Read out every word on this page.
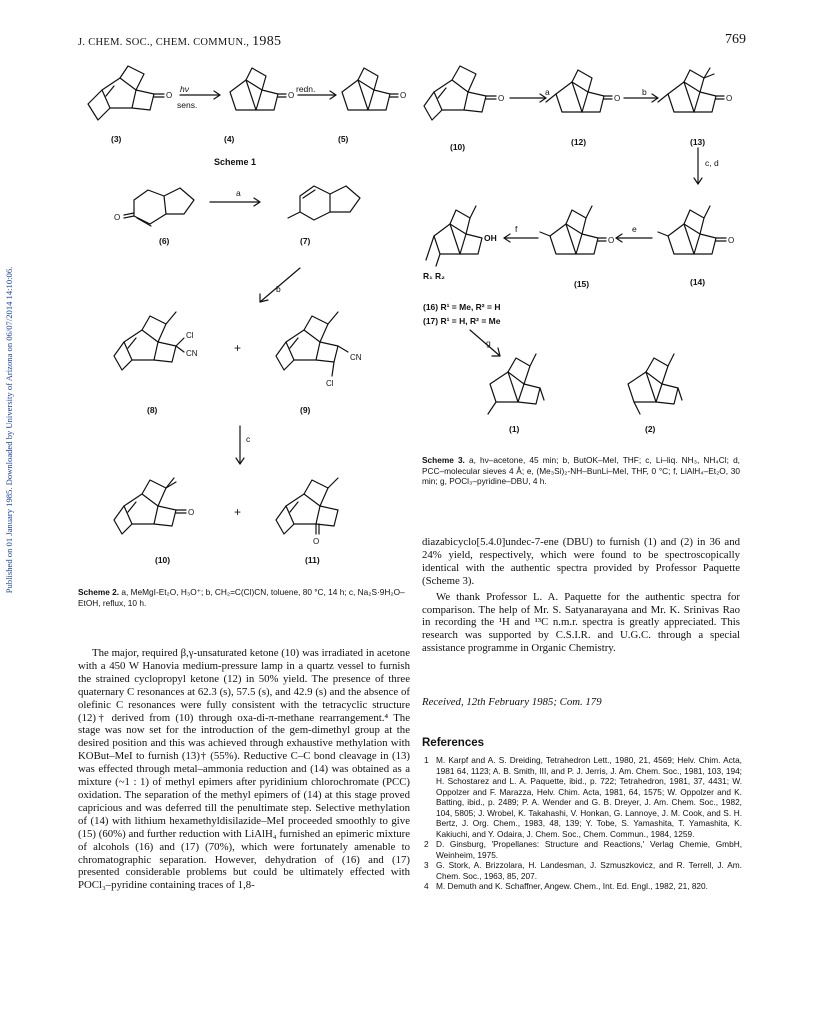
J. CHEM. SOC., CHEM. COMMUN., 1985	769
Published on 01 January 1985. Downloaded by University of Arizona on 06/07/2014 14:10:06.
O	O	O
hν
sens.
redn.
(3)	(4)	(5)
Scheme 1
O
Cl
CN	+
CN
Cl
O	+
O
a
b
c
(6)	(7)
(8)	(9)
(10)	(11)
Scheme 2. a, MeMgI-Et₂O, H₃O⁺; b, CH₂=C(Cl)CN, toluene, 80 °C, 14 h; c, Na₂S·9H₂O–EtOH, reflux, 10 h.

The major, required β,γ-unsaturated ketone (10) was irradiated in acetone with a 450 W Hanovia medium-pressure lamp in a quartz vessel to furnish the strained cyclopropyl ketone (12) in 50% yield. The presence of three quaternary C resonances at 62.3 (s), 57.5 (s), and 42.9 (s) and the absence of olefinic C resonances were fully consistent with the tetracyclic structure (12)† derived from (10) through oxa-di-π-methane rearrangement.⁴ The stage was now set for the introduction of the gem-dimethyl group at the desired position and this was achieved through exhaustive methylation with KOBut–MeI to furnish (13)† (55%). Reductive C–C bond cleavage in (13) was effected through metal–ammonia reduction and (14) was obtained as a mixture (~1 : 1) of methyl epimers after pyridinium chlorochromate (PCC) oxidation. The separation of the methyl epimers of (14) at this stage proved capricious and was deferred till the penultimate step. Selective methylation of (14) with lithium hexamethyldisilazide–MeI proceeded smoothly to give (15) (60%) and further reduction with LiAlH₄ furnished an epimeric mixture of alcohols (16) and (17) (70%), which were fortunately amenable to chromatographic separation. However, dehydration of (16) and (17) presented considerable problems but could be ultimately effected with POCl₃–pyridine containing traces of 1,8-

O	O	O
O
O
a	b
c, d
e
f
g
(10)	(12)	(13)
(14)
(15)
(1)	(2)
OH
R₁ R₂
(16) R¹ = Me, R² = H
(17) R¹ = H, R² = Me
Scheme 3. a, hν–acetone, 45 min; b, ButOK–MeI, THF; c, Li–liq. NH₃, NH₄Cl; d, PCC–molecular sieves 4 Å; e, (Me₃Si)₂-NH–BunLi–MeI, THF, 0 °C; f, LiAlH₄–Et₂O, 30 min; g, POCl₃–pyridine–DBU, 4 h.

diazabicyclo[5.4.0]undec-7-ene (DBU) to furnish (1) and (2) in 36 and 24% yield, respectively, which were found to be spectroscopically identical with the authentic spectra provided by Professor Paquette (Scheme 3).

We thank Professor L. A. Paquette for the authentic spectra for comparison. The help of Mr. S. Satyanarayana and Mr. K. Srinivas Rao in recording the ¹H and ¹³C n.m.r. spectra is greatly appreciated. This research was supported by C.S.I.R. and U.G.C. through a special assistance programme in Organic Chemistry.

Received, 12th February 1985; Com. 179
References
1 M. Karpf and A. S. Dreiding, Tetrahedron Lett., 1980, 21, 4569; Helv. Chim. Acta, 1981 64, 1123; A. B. Smith, III, and P. J. Jerris, J. Am. Chem. Soc., 1981, 103, 194; H. Schostarez and L. A. Paquette, ibid., p. 722; Tetrahedron, 1981, 37, 4431; W. Oppolzer and F. Marazza, Helv. Chim. Acta, 1981, 64, 1575; W. Oppolzer and K. Batting, ibid., p. 2489; P. A. Wender and G. B. Dreyer, J. Am. Chem. Soc., 1982, 104, 5805; J. Wrobel, K. Takahashi, V. Honkan, G. Lannoye, J. M. Cook, and S. H. Bertz, J. Org. Chem., 1983, 48, 139; Y. Tobe, S. Yamashita, T. Yamashita, K. Kakiuchi, and Y. Odaira, J. Chem. Soc., Chem. Commun., 1984, 1259.
2 D. Ginsburg, 'Propellanes: Structure and Reactions,' Verlag Chemie, GmbH, Weinheim, 1975.
3 G. Stork, A. Brizzolara, H. Landesman, J. Szmuszkovicz, and R. Terrell, J. Am. Chem. Soc., 1963, 85, 207.
4 M. Demuth and K. Schaffner, Angew. Chem., Int. Ed. Engl., 1982, 21, 820.
